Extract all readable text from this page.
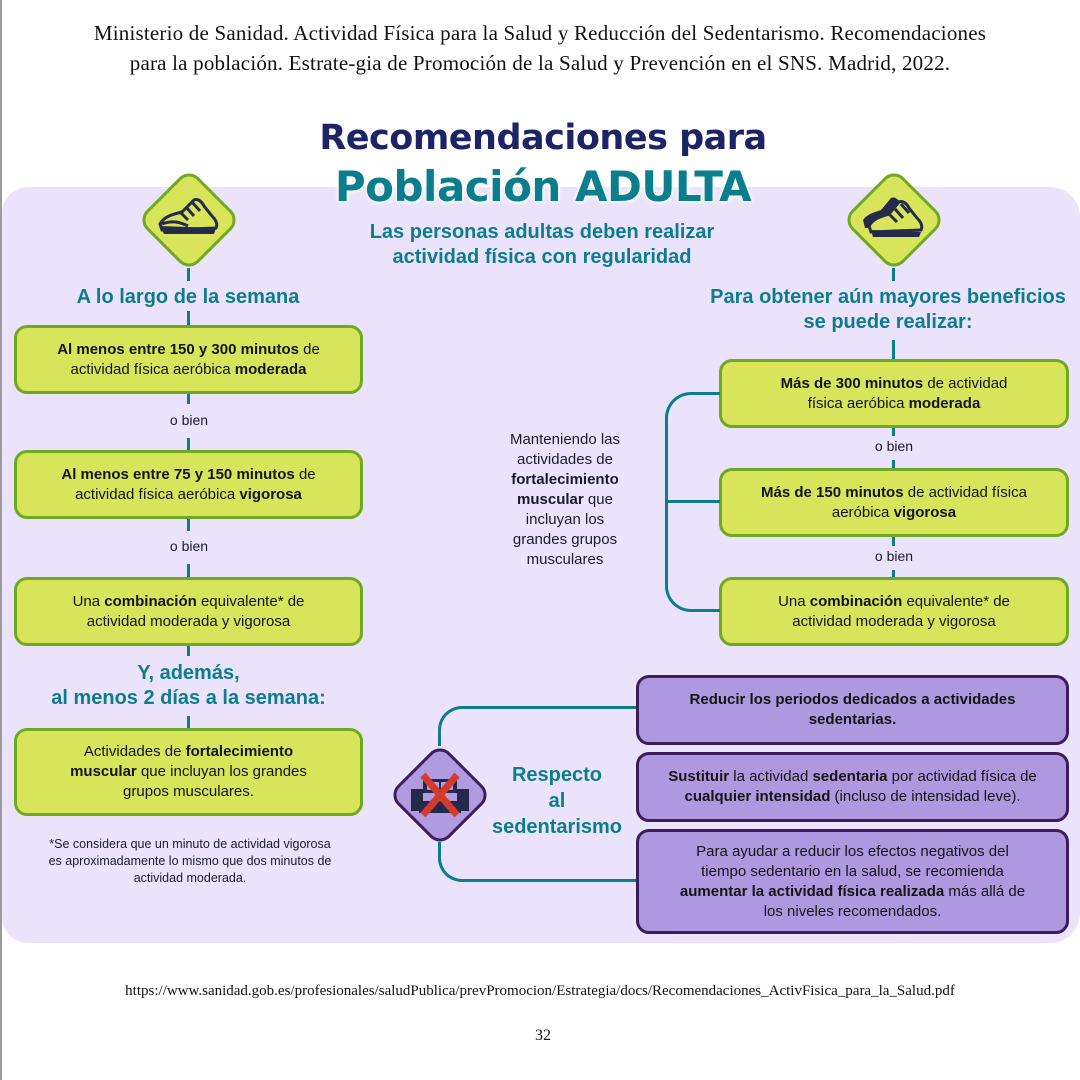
Ministerio de Sanidad. Actividad Física para la Salud y Reducción del Sedentarismo. Recomendaciones
para la población. Estrate-gia de Promoción de la Salud y Prevención en el SNS. Madrid, 2022.
Recomendaciones para
Población ADULTA
Las personas adultas deben realizar
actividad física con regularidad
A lo largo de la semana
Al menos entre 150 y 300 minutos de
actividad física aeróbica moderada
o bien
Al menos entre 75 y 150 minutos de
actividad física aeróbica vigorosa
o bien
Una combinación equivalente* de
actividad moderada y vigorosa
Y, además,
al menos 2 días a la semana:
Actividades de fortalecimiento
muscular que incluyan los grandes
grupos musculares.
*Se considera que un minuto de actividad vigorosa
es aproximadamente lo mismo que dos minutos de
actividad moderada.
Para obtener aún mayores beneficios
se puede realizar:
Más de 300 minutos de actividad
física aeróbica moderada
o bien
Más de 150 minutos de actividad física
aeróbica vigorosa
o bien
Una combinación equivalente* de
actividad moderada y vigorosa
Manteniendo las
actividades de
fortalecimiento
muscular que
incluyan los
grandes grupos
musculares
Respecto
al
sedentarismo
Reducir los periodos dedicados a actividades
sedentarias.
Sustituir la actividad sedentaria por actividad física de
cualquier intensidad (incluso de intensidad leve).
Para ayudar a reducir los efectos negativos del
tiempo sedentario en la salud, se recomienda
aumentar la actividad física realizada más allá de
los niveles recomendados.
https://www.sanidad.gob.es/profesionales/saludPublica/prevPromocion/Estrategia/docs/Recomendaciones_ActivFisica_para_la_Salud.pdf
32
